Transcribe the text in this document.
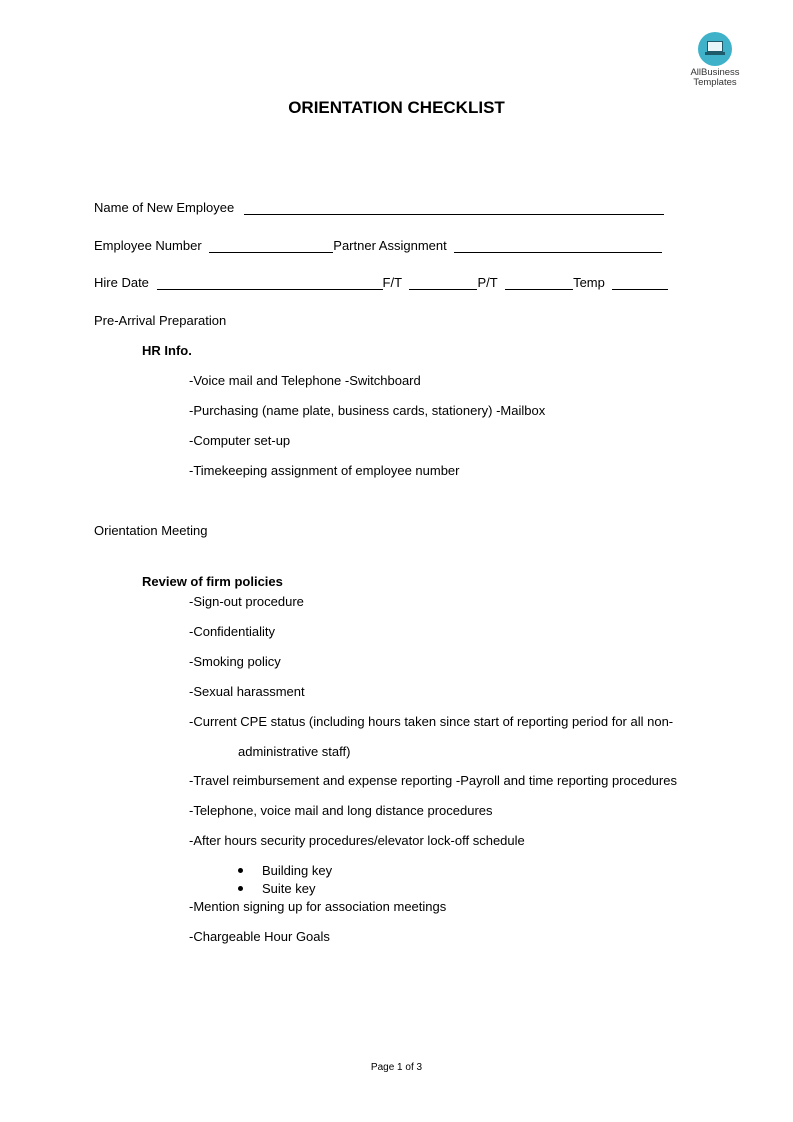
AllBusiness
Templates
ORIENTATION CHECKLIST
Name of New Employee
Employee Number	Partner Assignment
Hire Date	F/T	P/T	Temp
Pre-Arrival Preparation
HR Info.
-Voice mail and Telephone -Switchboard
-Purchasing (name plate, business cards, stationery) -Mailbox
-Computer set-up
-Timekeeping assignment of employee number
Orientation Meeting
Review of firm policies
-Sign-out procedure
-Confidentiality
-Smoking policy
-Sexual harassment
-Current CPE status (including hours taken since start of reporting period for all non-
administrative staff)
-Travel reimbursement and expense reporting -Payroll and time reporting procedures
-Telephone, voice mail and long distance procedures
-After hours security procedures/elevator lock-off schedule
Building key
Suite key
-Mention signing up for association meetings
-Chargeable Hour Goals
Page 1 of 3
